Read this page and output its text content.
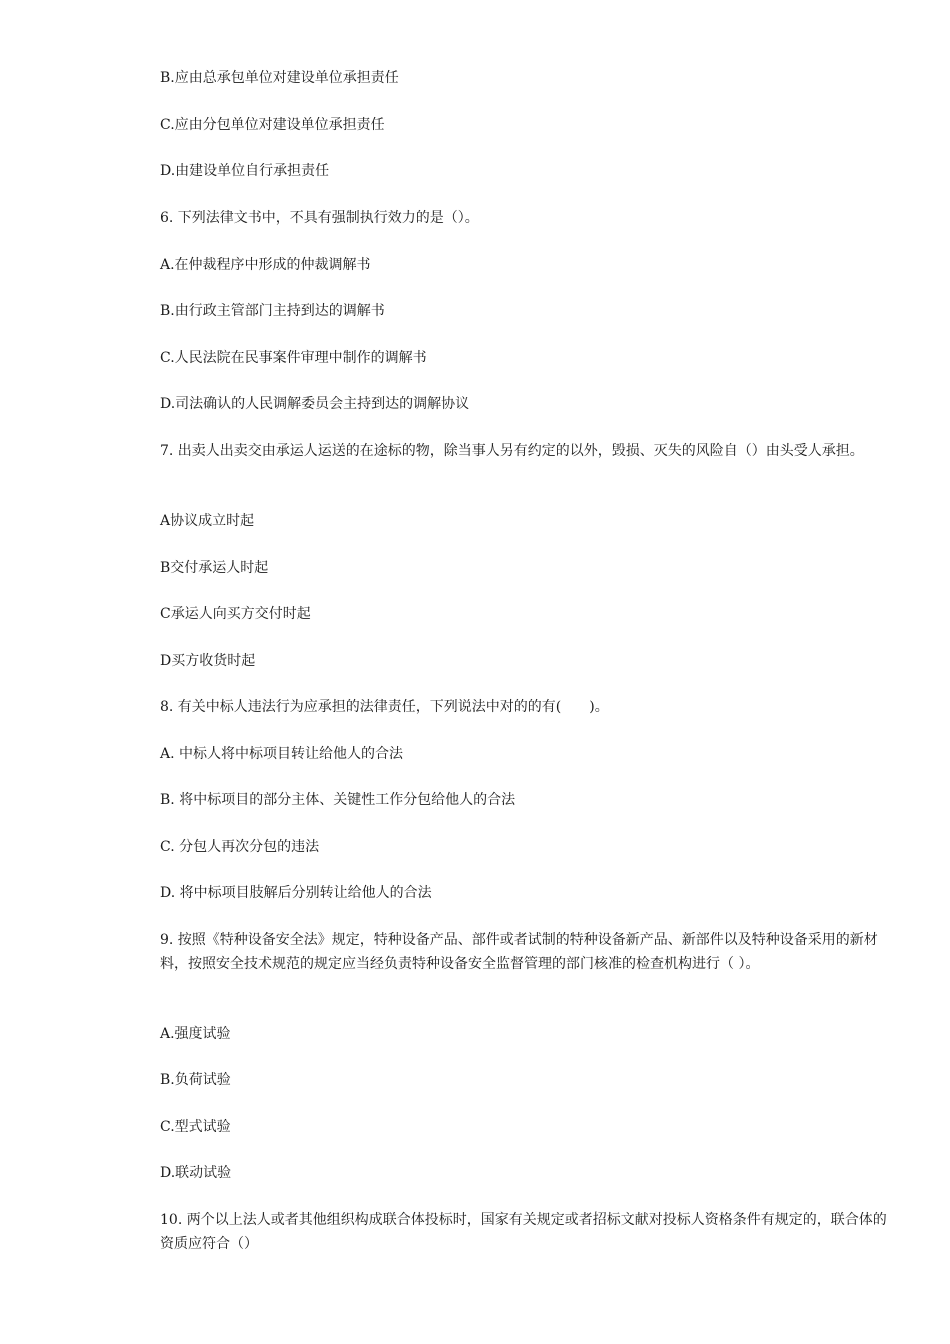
B.应由总承包单位对建设单位承担责任
C.应由分包单位对建设单位承担责任
D.由建设单位自行承担责任
6. 下列法律文书中，不具有强制执行效力的是（）。
A.在仲裁程序中形成的仲裁调解书
B.由行政主管部门主持到达的调解书
C.人民法院在民事案件审理中制作的调解书
D.司法确认的人民调解委员会主持到达的调解协议
7. 出卖人出卖交由承运人运送的在途标的物，除当事人另有约定的以外，毁损、灭失的风险自（）由头受人承担。
A协议成立时起
B交付承运人时起
C承运人向买方交付时起
D买方收货时起
8. 有关中标人违法行为应承担的法律责任，下列说法中对的的有(　　)。
A. 中标人将中标项目转让给他人的合法
B. 将中标项目的部分主体、关键性工作分包给他人的合法
C. 分包人再次分包的违法
D. 将中标项目肢解后分别转让给他人的合法
9. 按照《特种设备安全法》规定，特种设备产品、部件或者试制的特种设备新产品、新部件以及特种设备采用的新材料，按照安全技术规范的规定应当经负责特种设备安全监督管理的部门核准的检查机构进行（ ）。
A.强度试验
B.负荷试验
C.型式试验
D.联动试验
10. 两个以上法人或者其他组织构成联合体投标时，国家有关规定或者招标文献对投标人资格条件有规定的，联合体的资质应符合（）
